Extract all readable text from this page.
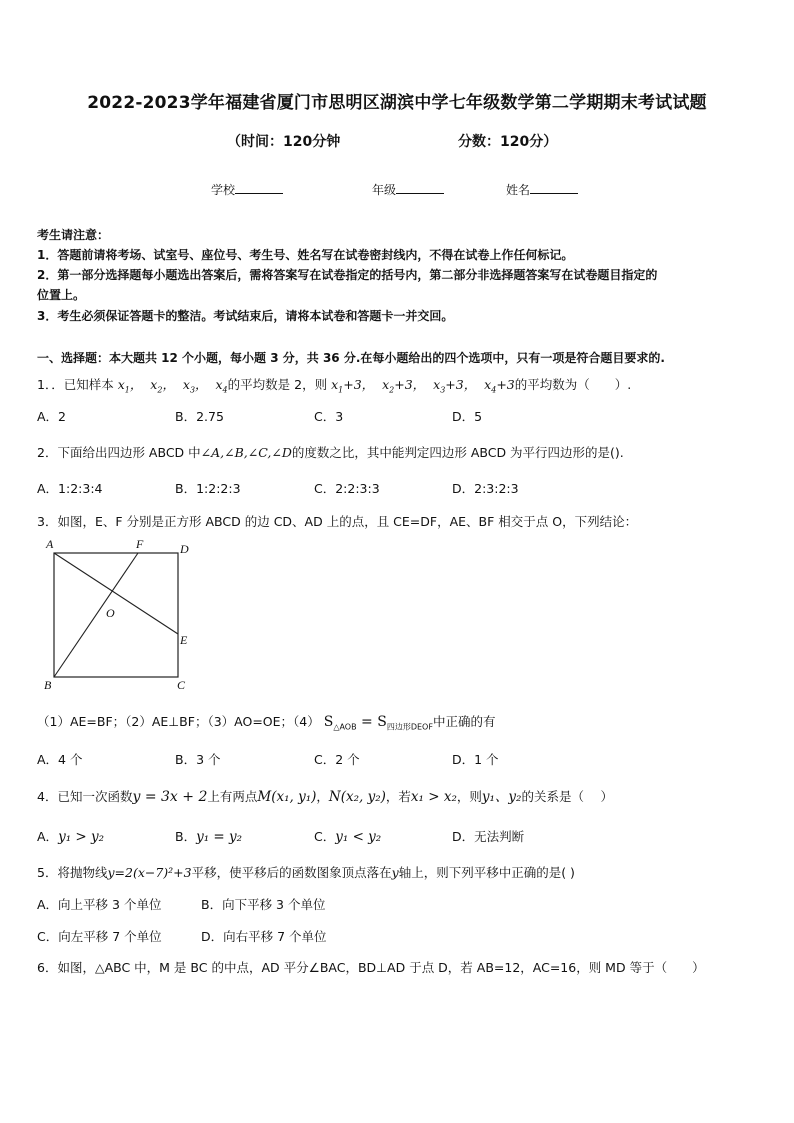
2022-2023学年福建省厦门市思明区湖滨中学七年级数学第二学期期末考试试题
（时间：120分钟	分数：120分）
学校	年级	姓名
考生请注意：
1．答题前请将考场、试室号、座位号、考生号、姓名写在试卷密封线内，不得在试卷上作任何标记。
2．第一部分选择题每小题选出答案后，需将答案写在试卷指定的括号内，第二部分非选择题答案写在试卷题目指定的
位置上。
3．考生必须保证答题卡的整洁。考试结束后，请将本试卷和答题卡一并交回。
一、选择题：本大题共 12 个小题，每小题 3 分，共 36 分.在每小题给出的四个选项中，只有一项是符合题目要求的.
1．．已知样本 $x_1$，  $x_2$，  $x_3$，  $x_4$的平均数是 2，则 $x_1+3$，  $x_2+3$，  $x_3+3$，  $x_4+3$的平均数为（　　）.
A．2	B．2.75	C．3	D．5
2．下面给出四边形 ABCD 中∠A,∠B,∠C,∠D的度数之比，其中能判定四边形 ABCD 为平行四边形的是().
A．1:2:3:4	B．1:2:2:3	C．2:2:3:3	D．2:3:2:3
3．如图，E、F 分别是正方形 ABCD 的边 CD、AD 上的点，且 CE=DF，AE、BF 相交于点 O，下列结论：
A	F	D
O
E
B	C
（1）AE=BF；（2）AE⊥BF；（3）AO=OE；（4） $S_{\triangle AOB} = S_{四边形DEOF}$中正确的有
A．4 个	B．3 个	C．2 个	D．1 个
4．已知一次函数y = 3x + 2上有两点M(x₁, y₁)，N(x₂, y₂)，若x₁ > x₂，则y₁、y₂的关系是（　 ）
A．y₁ > y₂	B．y₁ = y₂	C．y₁ < y₂	D．无法判断
5．将抛物线y=2(x−7)²+3平移，使平移后的函数图象顶点落在y轴上，则下列平移中正确的是( )
A．向上平移 3 个单位	B．向下平移 3 个单位
C．向左平移 7 个单位	D．向右平移 7 个单位
6．如图，△ABC 中，M 是 BC 的中点，AD 平分∠BAC，BD⊥AD 于点 D，若 AB=12，AC=16，则 MD 等于（　　）
